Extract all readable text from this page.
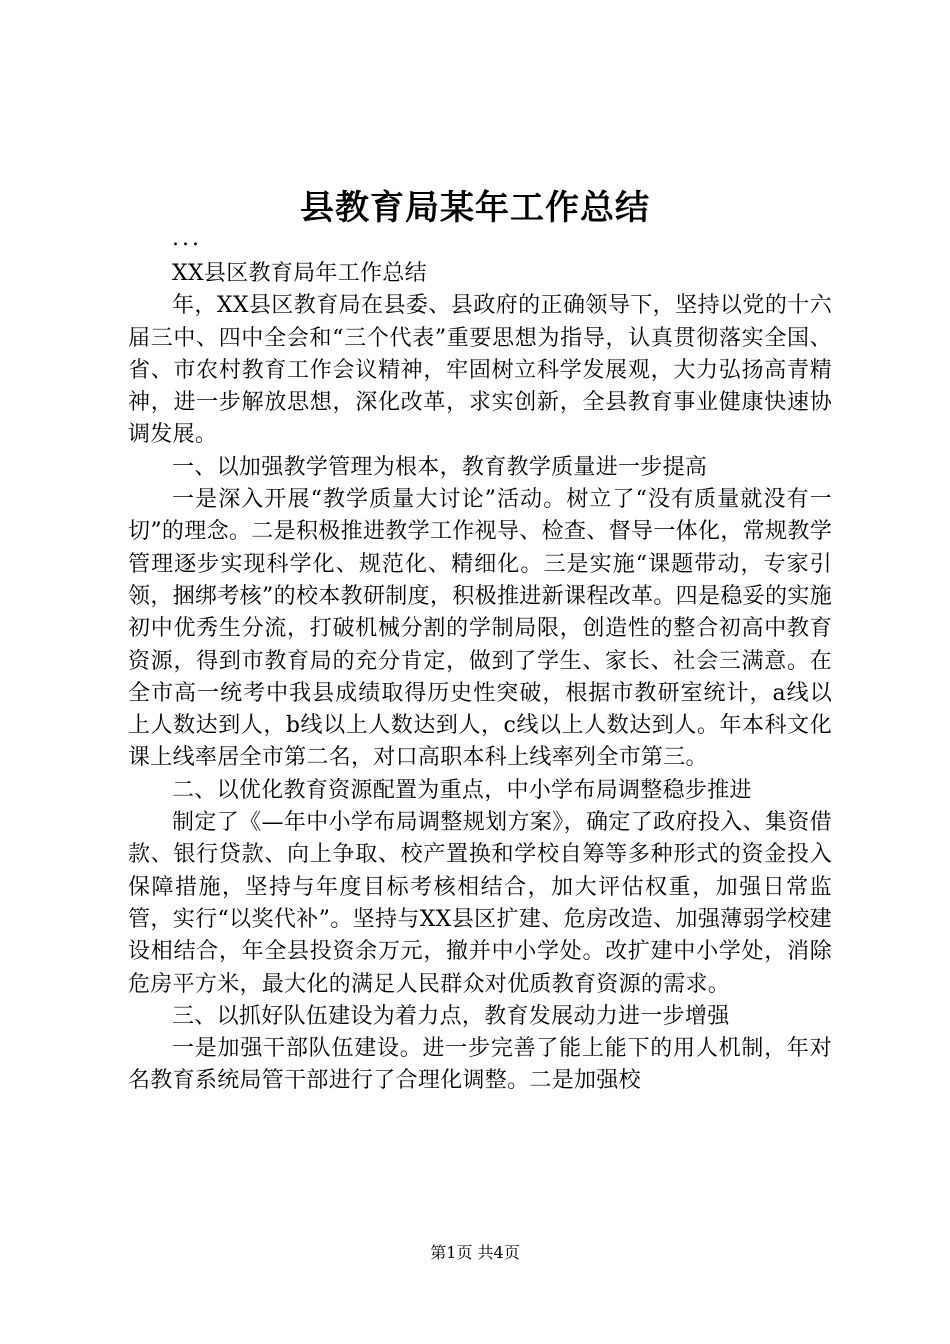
县教育局某年工作总结

...

XX县区教育局年工作总结

年，XX县区教育局在县委、县政府的正确领导下，坚持以党的十六届三中、四中全会和“三个代表”重要思想为指导，认真贯彻落实全国、省、市农村教育工作会议精神，牢固树立科学发展观，大力弘扬高青精神，进一步解放思想，深化改革，求实创新，全县教育事业健康快速协调发展。

一、以加强教学管理为根本，教育教学质量进一步提高

一是深入开展“教学质量大讨论”活动。树立了“没有质量就没有一切”的理念。二是积极推进教学工作视导、检查、督导一体化，常规教学管理逐步实现科学化、规范化、精细化。三是实施“课题带动，专家引领，捆绑考核”的校本教研制度，积极推进新课程改革。四是稳妥的实施初中优秀生分流，打破机械分割的学制局限，创造性的整合初高中教育资源，得到市教育局的充分肯定，做到了学生、家长、社会三满意。在全市高一统考中我县成绩取得历史性突破，根据市教研室统计，a线以上人数达到人，b线以上人数达到人，c线以上人数达到人。年本科文化课上线率居全市第二名，对口高职本科上线率列全市第三。

二、以优化教育资源配置为重点，中小学布局调整稳步推进

制定了《—年中小学布局调整规划方案》，确定了政府投入、集资借款、银行贷款、向上争取、校产置换和学校自筹等多种形式的资金投入保障措施，坚持与年度目标考核相结合，加大评估权重，加强日常监管，实行“以奖代补”。坚持与XX县区扩建、危房改造、加强薄弱学校建设相结合，年全县投资余万元，撤并中小学处。改扩建中小学处，消除危房平方米，最大化的满足人民群众对优质教育资源的需求。

三、以抓好队伍建设为着力点，教育发展动力进一步增强

一是加强干部队伍建设。进一步完善了能上能下的用人机制，年对名教育系统局管干部进行了合理化调整。二是加强校

第1页 共4页
